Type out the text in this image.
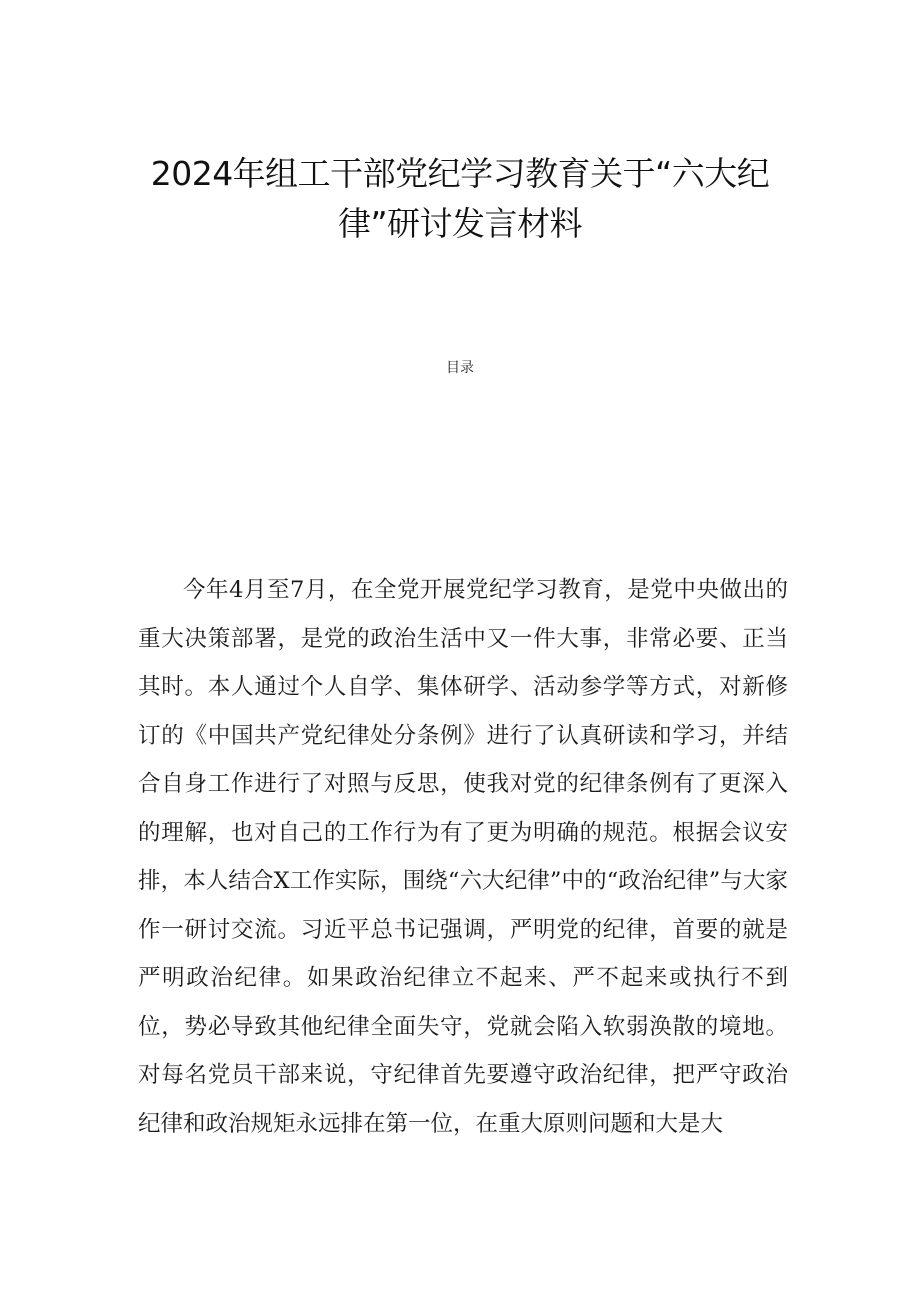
2024年组工干部党纪学习教育关于“六大纪
律”研讨发言材料
目录

今年4月至7月，在全党开展党纪学习教育，是党中央做出的重大决策部署，是党的政治生活中又一件大事，非常必要、正当其时。本人通过个人自学、集体研学、活动参学等方式，对新修订的《中国共产党纪律处分条例》进行了认真研读和学习，并结合自身工作进行了对照与反思，使我对党的纪律条例有了更深入的理解，也对自己的工作行为有了更为明确的规范。根据会议安排，本人结合X工作实际，围绕“六大纪律”中的“政治纪律”与大家作一研讨交流。习近平总书记强调，严明党的纪律，首要的就是严明政治纪律。如果政治纪律立不起来、严不起来或执行不到位，势必导致其他纪律全面失守，党就会陷入软弱涣散的境地。对每名党员干部来说，守纪律首先要遵守政治纪律，把严守政治纪律和政治规矩永远排在第一位，在重大原则问题和大是大
